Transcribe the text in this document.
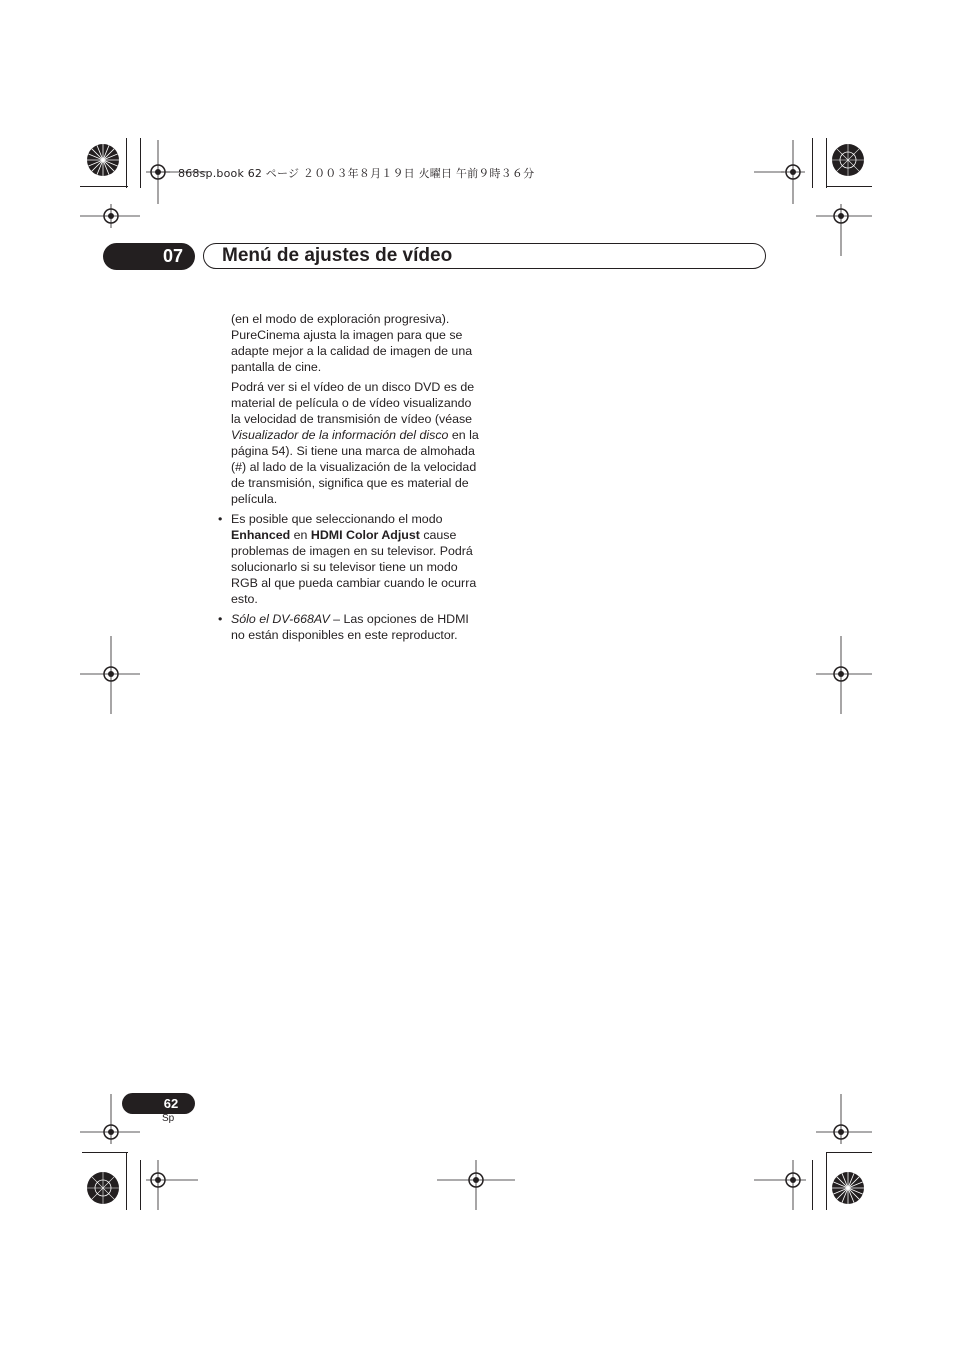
868sp.book 62 ページ ２００３年８月１９日 火曜日 午前９時３６分
07	Menú de ajustes de vídeo

(en el modo de exploración progresiva). PureCinema ajusta la imagen para que se adapte mejor a la calidad de imagen de una pantalla de cine.

Podrá ver si el vídeo de un disco DVD es de material de película o de vídeo visualizando la velocidad de transmisión de vídeo (véase Visualizador de la información del disco en la página 54). Si tiene una marca de almohada (#) al lado de la visualización de la velocidad de transmisión, significa que es material de película.

• Es posible que seleccionando el modo Enhanced en HDMI Color Adjust cause problemas de imagen en su televisor. Podrá solucionarlo si su televisor tiene un modo RGB al que pueda cambiar cuando le ocurra esto.
• Sólo el DV-668AV – Las opciones de HDMI no están disponibles en este reproductor.
62
Sp
